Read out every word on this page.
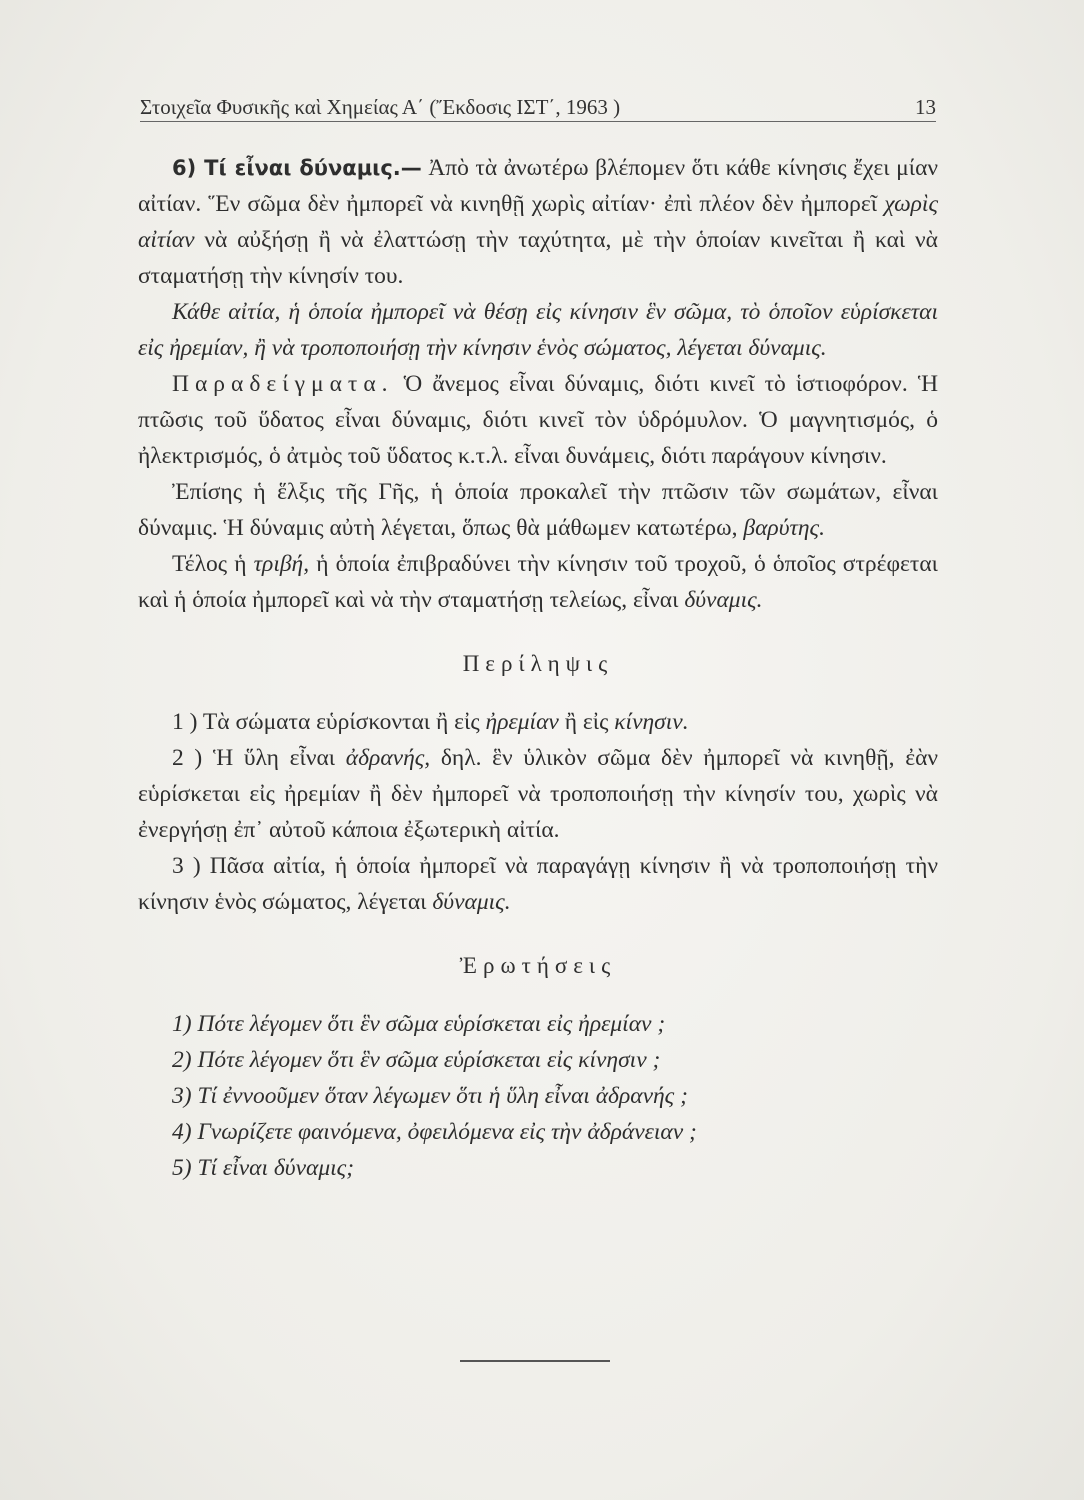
Στοιχεῖα Φυσικῆς καὶ Χημείας Α΄ (Ἔκδοσις ΙΣΤ΄, 1963 )	13

6) Τί εἶναι δύναμις.— Ἀπὸ τὰ ἀνωτέρω βλέπομεν ὅτι κάθε κίνησις ἔχει μίαν αἰτίαν. Ἕν σῶμα δὲν ἠμπορεῖ νὰ κινηθῇ χωρὶς αἰτίαν· ἐπὶ πλέον δὲν ἠμπορεῖ χωρὶς αἰτίαν νὰ αὐξήσῃ ἢ νὰ ἐλαττώσῃ τὴν ταχύτητα, μὲ τὴν ὁποίαν κινεῖται ἢ καὶ νὰ σταματήσῃ τὴν κίνησίν του.

Κάθε αἰτία, ἡ ὁποία ἠμπορεῖ νὰ θέσῃ εἰς κίνησιν ἓν σῶμα, τὸ ὁποῖον εὑρίσκεται εἰς ἠρεμίαν, ἢ νὰ τροποποιήσῃ τὴν κίνησιν ἑνὸς σώματος, λέγεται δύναμις.

Παραδείγματα. Ὁ ἄνεμος εἶναι δύναμις, διότι κινεῖ τὸ ἱστιοφόρον. Ἡ πτῶσις τοῦ ὕδατος εἶναι δύναμις, διότι κινεῖ τὸν ὑδρόμυλον. Ὁ μαγνητισμός, ὁ ἠλεκτρισμός, ὁ ἀτμὸς τοῦ ὕδατος κ.τ.λ. εἶναι δυνάμεις, διότι παράγουν κίνησιν.

Ἐπίσης ἡ ἕλξις τῆς Γῆς, ἡ ὁποία προκαλεῖ τὴν πτῶσιν τῶν σωμάτων, εἶναι δύναμις. Ἡ δύναμις αὐτὴ λέγεται, ὅπως θὰ μάθωμεν κατωτέρω, βαρύτης.

Τέλος ἡ τριβή, ἡ ὁποία ἐπιβραδύνει τὴν κίνησιν τοῦ τροχοῦ, ὁ ὁποῖος στρέφεται καὶ ἡ ὁποία ἠμπορεῖ καὶ νὰ τὴν σταματήσῃ τελείως, εἶναι δύναμις.

Περίληψις

1 ) Τὰ σώματα εὑρίσκονται ἢ εἰς ἠρεμίαν ἢ εἰς κίνησιν.

2 ) Ἡ ὕλη εἶναι ἀδρανής, δηλ. ἓν ὑλικὸν σῶμα δὲν ἠμπορεῖ νὰ κινηθῇ, ἐὰν εὑρίσκεται εἰς ἠρεμίαν ἢ δὲν ἠμπορεῖ νὰ τροποποιήσῃ τὴν κίνησίν του, χωρὶς νὰ ἐνεργήσῃ ἐπ᾽ αὐτοῦ κάποια ἐξωτερικὴ αἰτία.

3 ) Πᾶσα αἰτία, ἡ ὁποία ἠμπορεῖ νὰ παραγάγῃ κίνησιν ἢ νὰ τροποποιήσῃ τὴν κίνησιν ἑνὸς σώματος, λέγεται δύναμις.

Ἐρωτήσεις

1) Πότε λέγομεν ὅτι ἓν σῶμα εὑρίσκεται εἰς ἠρεμίαν ;

2) Πότε λέγομεν ὅτι ἓν σῶμα εὑρίσκεται εἰς κίνησιν ;

3) Τί ἐννοοῦμεν ὅταν λέγωμεν ὅτι ἡ ὕλη εἶναι ἀδρανής ;

4) Γνωρίζετε φαινόμενα, ὀφειλόμενα εἰς τὴν ἀδράνειαν ;

5) Τί εἶναι δύναμις;
